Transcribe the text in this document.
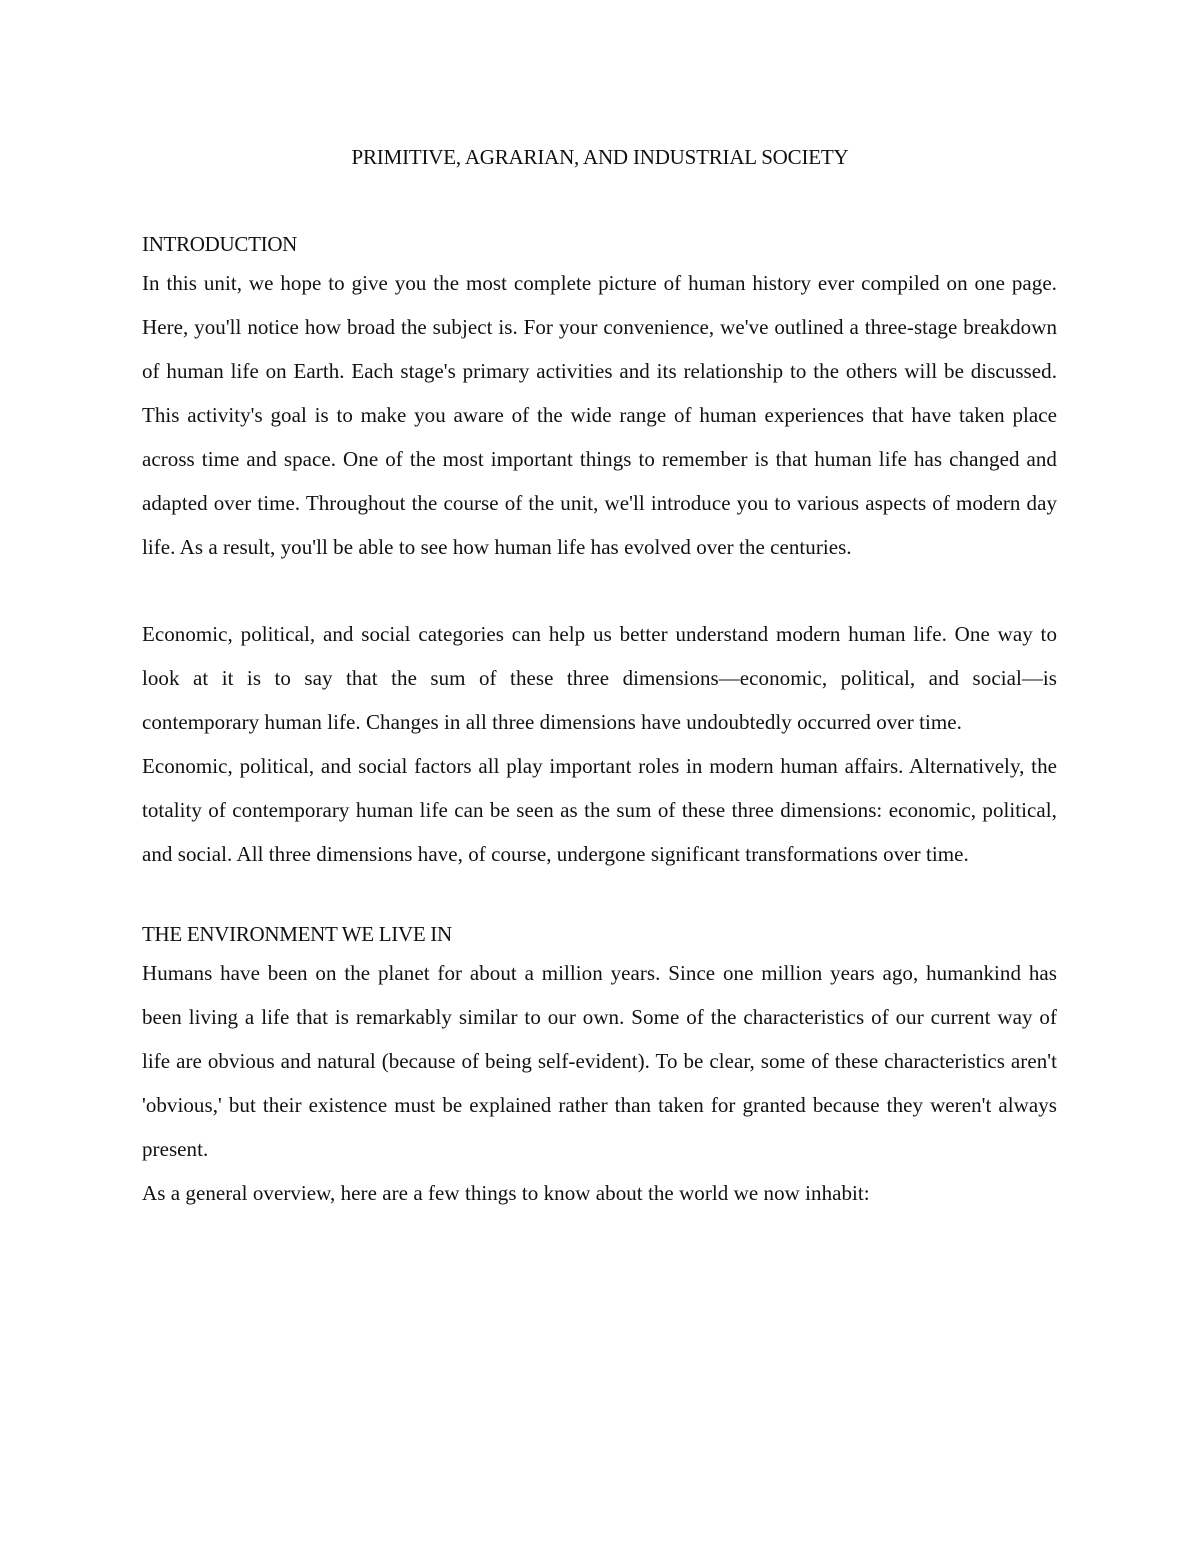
PRIMITIVE, AGRARIAN, AND INDUSTRIAL SOCIETY
INTRODUCTION

In this unit, we hope to give you the most complete picture of human history ever compiled on one page. Here, you'll notice how broad the subject is. For your convenience, we've outlined a three-stage breakdown of human life on Earth. Each stage's primary activities and its relationship to the others will be discussed. This activity's goal is to make you aware of the wide range of human experiences that have taken place across time and space. One of the most important things to remember is that human life has changed and adapted over time. Throughout the course of the unit, we'll introduce you to various aspects of modern day life. As a result, you'll be able to see how human life has evolved over the centuries.

Economic, political, and social categories can help us better understand modern human life. One way to look at it is to say that the sum of these three dimensions—economic, political, and social—is contemporary human life. Changes in all three dimensions have undoubtedly occurred over time.

Economic, political, and social factors all play important roles in modern human affairs. Alternatively, the totality of contemporary human life can be seen as the sum of these three dimensions: economic, political, and social. All three dimensions have, of course, undergone significant transformations over time.

THE ENVIRONMENT WE LIVE IN

Humans have been on the planet for about a million years. Since one million years ago, humankind has been living a life that is remarkably similar to our own. Some of the characteristics of our current way of life are obvious and natural (because of being self-evident). To be clear, some of these characteristics aren't 'obvious,' but their existence must be explained rather than taken for granted because they weren't always present.

As a general overview, here are a few things to know about the world we now inhabit:
